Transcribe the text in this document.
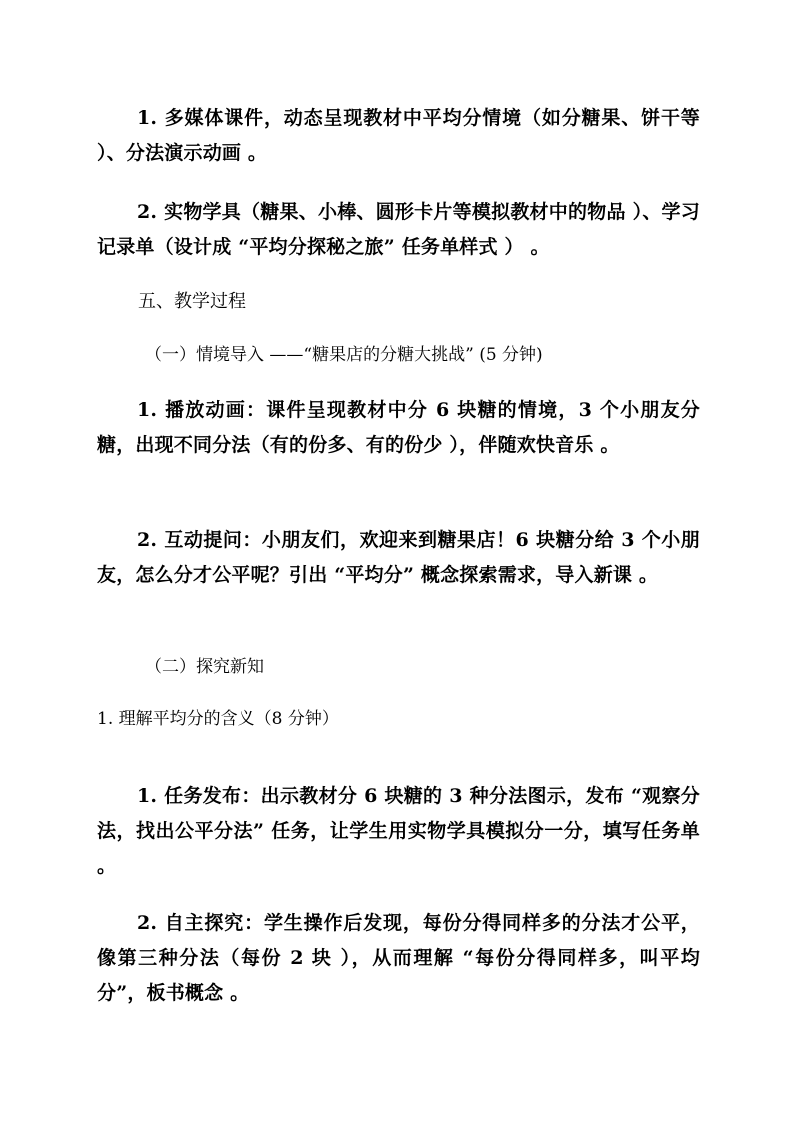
1. 多媒体课件，动态呈现教材中平均分情境（如分糖果、饼干等 ）、分法演示动画 。

2. 实物学具（糖果、小棒、圆形卡片等模拟教材中的物品 ）、学习记录单（设计成 “平均分探秘之旅” 任务单样式 ） 。

五、教学过程

（一）情境导入 ——“糖果店的分糖大挑战” (5 分钟)

1. 播放动画：课件呈现教材中分 6 块糖的情境，3 个小朋友分糖，出现不同分法（有的份多、有的份少 ），伴随欢快音乐 。

2. 互动提问：小朋友们，欢迎来到糖果店！6 块糖分给 3 个小朋友，怎么分才公平呢？引出 “平均分” 概念探索需求，导入新课 。

（二）探究新知

1. 理解平均分的含义（8 分钟）

1. 任务发布：出示教材分 6 块糖的 3 种分法图示，发布 “观察分法，找出公平分法” 任务，让学生用实物学具模拟分一分，填写任务单 。

2. 自主探究：学生操作后发现，每份分得同样多的分法才公平，像第三种分法（每份 2 块 ），从而理解 “每份分得同样多，叫平均分”，板书概念 。
